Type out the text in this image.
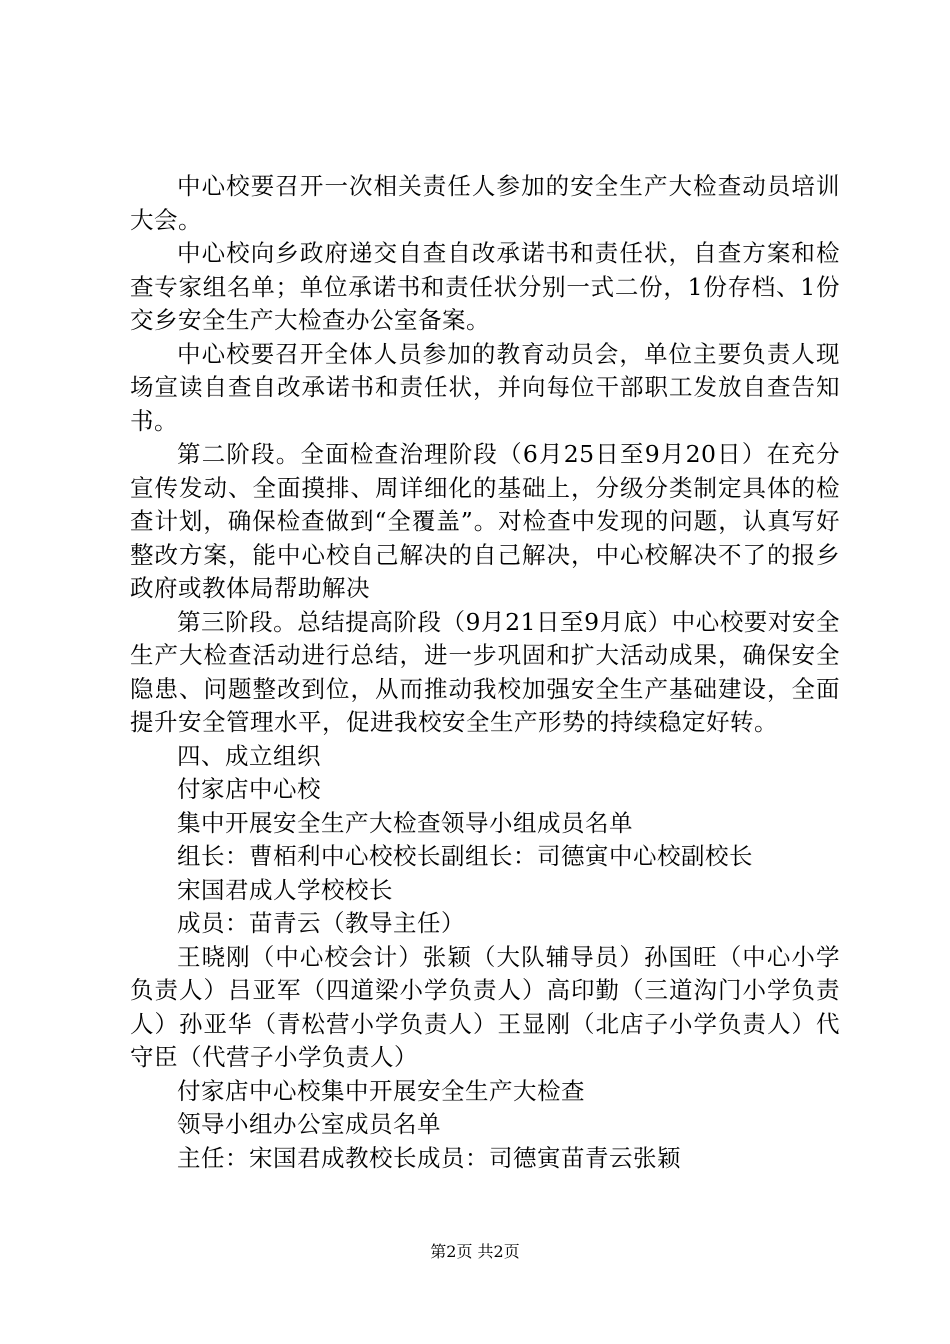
中心校要召开一次相关责任人参加的安全生产大检查动员培训大会。

中心校向乡政府递交自查自改承诺书和责任状，自查方案和检查专家组名单；单位承诺书和责任状分别一式二份，1份存档、1份交乡安全生产大检查办公室备案。

中心校要召开全体人员参加的教育动员会，单位主要负责人现场宣读自查自改承诺书和责任状，并向每位干部职工发放自查告知书。

第二阶段。全面检查治理阶段（6月25日至9月20日）在充分宣传发动、全面摸排、周详细化的基础上，分级分类制定具体的检查计划，确保检查做到“全覆盖”。对检查中发现的问题，认真写好整改方案，能中心校自己解决的自己解决，中心校解决不了的报乡政府或教体局帮助解决

第三阶段。总结提高阶段（9月21日至9月底）中心校要对安全生产大检查活动进行总结，进一步巩固和扩大活动成果，确保安全隐患、问题整改到位，从而推动我校加强安全生产基础建设，全面提升安全管理水平，促进我校安全生产形势的持续稳定好转。

四、成立组织

付家店中心校

集中开展安全生产大检查领导小组成员名单

组长：曹栢利中心校校长副组长：司德寅中心校副校长

宋国君成人学校校长

成员：苗青云（教导主任）

王晓刚（中心校会计）张颖（大队辅导员）孙国旺（中心小学负责人）吕亚军（四道梁小学负责人）高印勤（三道沟门小学负责人）孙亚华（青松营小学负责人）王显刚（北店子小学负责人）代守臣（代营子小学负责人）

付家店中心校集中开展安全生产大检查

领导小组办公室成员名单

主任：宋国君成教校长成员：司德寅苗青云张颖

第2页 共2页
